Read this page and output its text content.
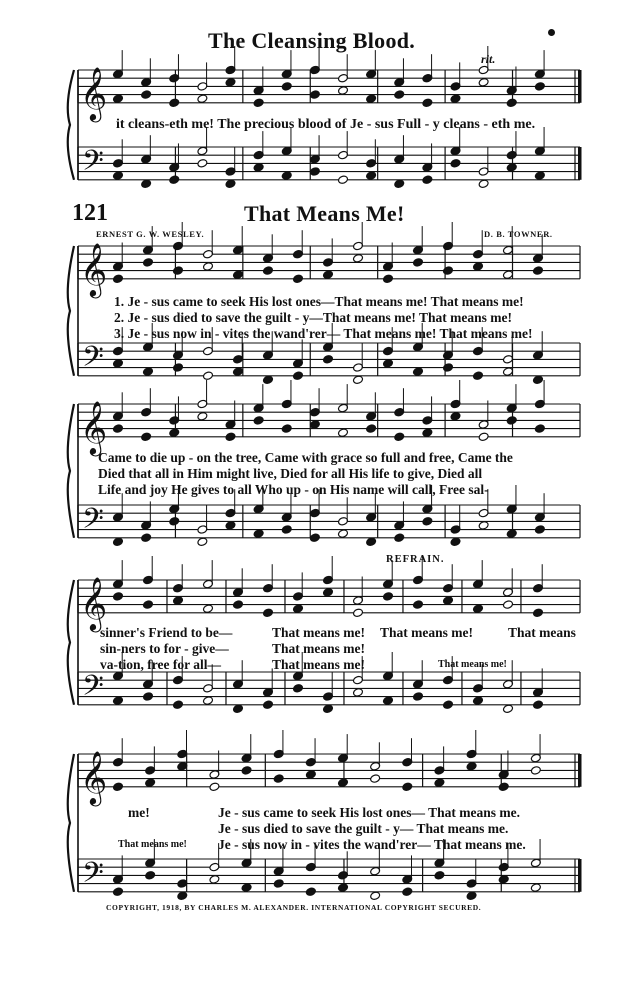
The Cleansing Blood.
rit.
it cleans-eth me! The precious blood of Je - sus Full - y cleans - eth me.
121	That Means Me!
ERNEST G. W. WESLEY.	D. B. TOWNER.
1. Je - sus came to seek His lost ones—That means me! That means me!
2. Je - sus died to save the guilt - y—That means me! That means me!
3. Je - sus now in - vites the wand'rer— That means me! That means me!
Came to die up - on the tree, Came with grace so full and free, Came the
Died that all in Him might live, Died for all His life to give, Died all
Life and joy He gives to all Who up - on His name will call, Free sal-
REFRAIN.
sinner's Friend to be—
sin-ners to for - give—
va-tion, free for all—
That means me!
That means me!
That means me!
That means me!	That means
That means me!
me!
That means me!
Je - sus came to seek His lost ones— That means me.
Je - sus died to save the guilt - y— That means me.
Je - sus now in - vites the wand'rer— That means me.
COPYRIGHT, 1918, BY CHARLES M. ALEXANDER. INTERNATIONAL COPYRIGHT SECURED.
𝄞
𝄢
𝄞
𝄢
𝄞
𝄢
𝄞
𝄢
𝄞
𝄢
